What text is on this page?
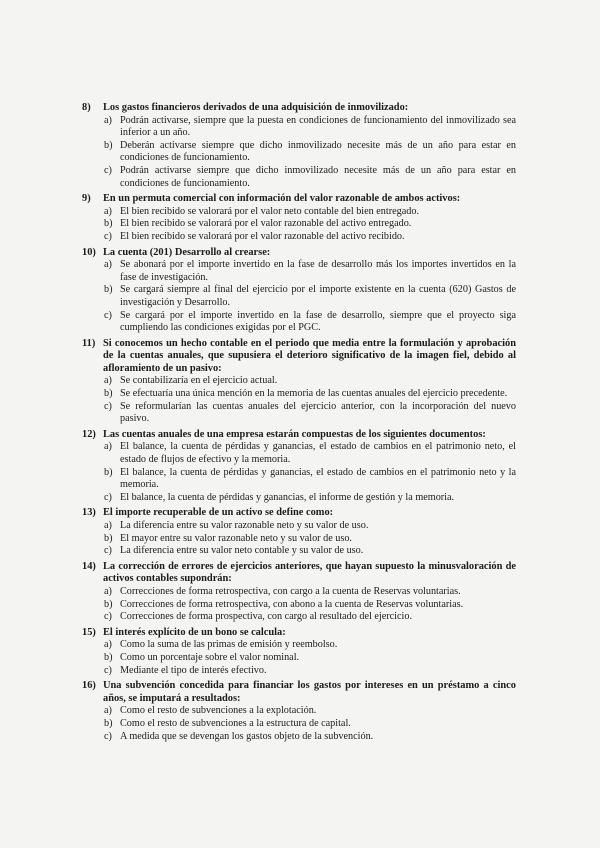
8)	Los gastos financieros derivados de una adquisición de inmovilizado:
a) Podrán activarse, siempre que la puesta en condiciones de funcionamiento del inmovilizado sea inferior a un año.
b) Deberán activarse siempre que dicho inmovilizado necesite más de un año para estar en condiciones de funcionamiento.
c) Podrán activarse siempre que dicho inmovilizado necesite más de un año para estar en condiciones de funcionamiento.
9)	En un permuta comercial con información del valor razonable de ambos activos:
a) El bien recibido se valorará por el valor neto contable del bien entregado.
b) El bien recibido se valorará por el valor razonable del activo entregado.
c) El bien recibido se valorará por el valor razonable del activo recibido.
10) La cuenta (201) Desarrollo al crearse:
a) Se abonará por el importe invertido en la fase de desarrollo más los importes invertidos en la fase de investigación.
b) Se cargará siempre al final del ejercicio por el importe existente en la cuenta (620) Gastos de investigación y Desarrollo.
c) Se cargará por el importe invertido en la fase de desarrollo, siempre que el proyecto siga cumpliendo las condiciones exigidas por el PGC.
11) Si conocemos un hecho contable en el periodo que media entre la formulación y aprobación de la cuentas anuales, que supusiera el deterioro significativo de la imagen fiel, debido al afloramiento de un pasivo:
a) Se contabilizaría en el ejercicio actual.
b) Se efectuaría una única mención en la memoria de las cuentas anuales del ejercicio precedente.
c) Se reformularían las cuentas anuales del ejercicio anterior, con la incorporación del nuevo pasivo.
12) Las cuentas anuales de una empresa estarán compuestas de los siguientes documentos:
a) El balance, la cuenta de pérdidas y ganancias, el estado de cambios en el patrimonio neto, el estado de flujos de efectivo y la memoria.
b) El balance, la cuenta de pérdidas y ganancias, el estado de cambios en el patrimonio neto y la memoria.
c) El balance, la cuenta de pérdidas y ganancias, el informe de gestión y la memoria.
13) El importe recuperable de un activo se define como:
a) La diferencia entre su valor razonable neto y su valor de uso.
b) El mayor entre su valor razonable neto y su valor de uso.
c) La diferencia entre su valor neto contable y su valor de uso.
14) La corrección de errores de ejercicios anteriores, que hayan supuesto la minusvaloración de activos contables supondrán:
a) Correcciones de forma retrospectiva, con cargo a la cuenta de Reservas voluntarias.
b) Correcciones de forma retrospectiva, con abono a la cuenta de Reservas voluntarias.
c) Correcciones de forma prospectiva, con cargo al resultado del ejercicio.
15) El interés explícito de un bono se calcula:
a) Como la suma de las primas de emisión y reembolso.
b) Como un porcentaje sobre el valor nominal.
c) Mediante el tipo de interés efectivo.
16) Una subvención concedida para financiar los gastos por intereses en un préstamo a cinco años, se imputará a resultados:
a) Como el resto de subvenciones a la explotación.
b) Como el resto de subvenciones a la estructura de capital.
c) A medida que se devengan los gastos objeto de la subvención.
